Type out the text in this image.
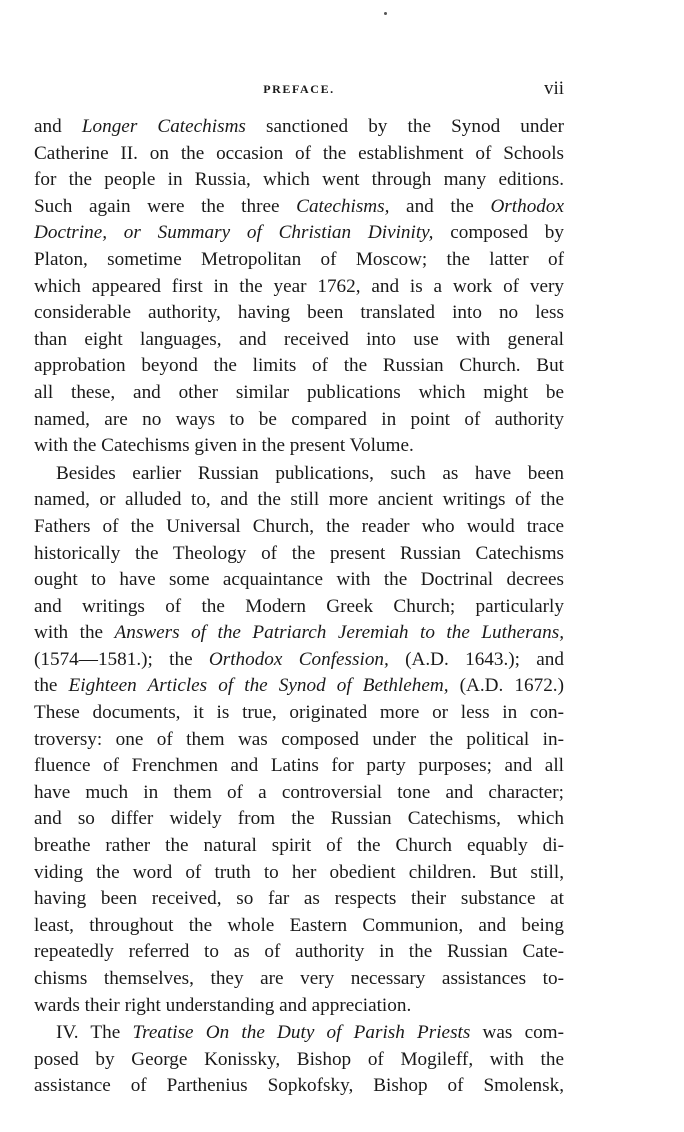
PREFACE.	vii
and Longer Catechisms sanctioned by the Synod under
Catherine II. on the occasion of the establishment of Schools
for the people in Russia, which went through many editions.
Such again were the three Catechisms, and the Orthodox
Doctrine, or Summary of Christian Divinity, composed by
Platon, sometime Metropolitan of Moscow; the latter of
which appeared first in the year 1762, and is a work of very
considerable authority, having been translated into no less
than eight languages, and received into use with general
approbation beyond the limits of the Russian Church. But
all these, and other similar publications which might be
named, are no ways to be compared in point of authority
with the Catechisms given in the present Volume.
Besides earlier Russian publications, such as have been
named, or alluded to, and the still more ancient writings of the
Fathers of the Universal Church, the reader who would trace
historically the Theology of the present Russian Catechisms
ought to have some acquaintance with the Doctrinal decrees
and writings of the Modern Greek Church; particularly
with the Answers of the Patriarch Jeremiah to the Lutherans,
(1574—1581.); the Orthodox Confession, (A.D. 1643.); and
the Eighteen Articles of the Synod of Bethlehem, (A.D. 1672.)
These documents, it is true, originated more or less in con-
troversy: one of them was composed under the political in-
fluence of Frenchmen and Latins for party purposes; and all
have much in them of a controversial tone and character;
and so differ widely from the Russian Catechisms, which
breathe rather the natural spirit of the Church equably di-
viding the word of truth to her obedient children. But still,
having been received, so far as respects their substance at
least, throughout the whole Eastern Communion, and being
repeatedly referred to as of authority in the Russian Cate-
chisms themselves, they are very necessary assistances to-
wards their right understanding and appreciation.
IV. The Treatise On the Duty of Parish Priests was com-
posed by George Konissky, Bishop of Mogileff, with the
assistance of Parthenius Sopkofsky, Bishop of Smolensk,
